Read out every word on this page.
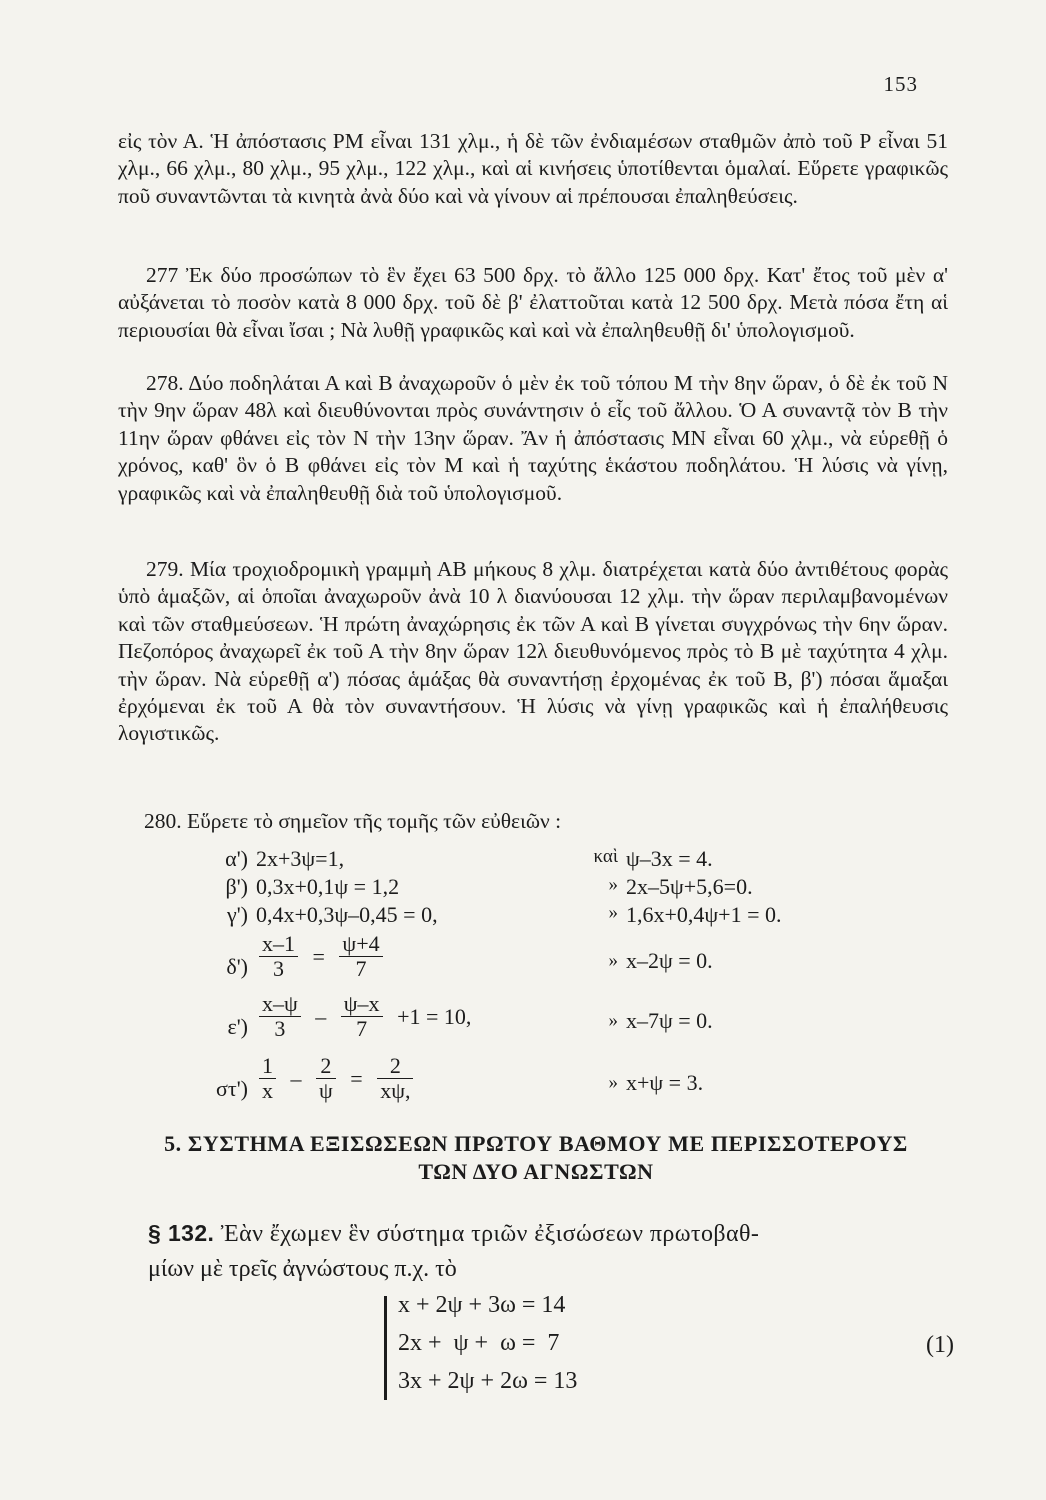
153
εἰς τὸν Α. Ἡ ἀπόστασις ΡΜ εἶναι 131 χλμ., ἡ δὲ τῶν ἐνδιαμέσων σταθμῶν ἀπὸ τοῦ Ρ εἶναι 51 χλμ., 66 χλμ., 80 χλμ., 95 χλμ., 122 χλμ., καὶ αἱ κινήσεις ὑποτίθενται ὁμαλαί. Εὕρετε γραφικῶς ποῦ συναντῶνται τὰ κινητὰ ἀνὰ δύο καὶ νὰ γίνουν αἱ πρέπουσαι ἐπαληθεύσεις.
277 Ἐκ δύο προσώπων τὸ ἓν ἔχει 63 500 δρχ. τὸ ἄλλο 125 000 δρχ. Κατ' ἔτος τοῦ μὲν α' αὐξάνεται τὸ ποσὸν κατὰ 8 000 δρχ. τοῦ δὲ β' ἐλαττοῦται κατὰ 12 500 δρχ. Μετὰ πόσα ἔτη αἱ περιουσίαι θὰ εἶναι ἴσαι ; Νὰ λυθῇ γραφικῶς καὶ καὶ νὰ ἐπαληθευθῇ δι' ὑπολογισμοῦ.
278. Δύο ποδηλάται Α καὶ Β ἀναχωροῦν ὁ μὲν ἐκ τοῦ τόπου Μ τὴν 8ην ὥραν, ὁ δὲ ἐκ τοῦ Ν τὴν 9ην ὥραν 48λ καὶ διευθύνονται πρὸς συνάντησιν ὁ εἷς τοῦ ἄλλου. Ὁ Α συναντᾷ τὸν Β τὴν 11ην ὥραν φθάνει εἰς τὸν Ν τὴν 13ην ὥραν. Ἄν ἡ ἀπόστασις ΜΝ εἶναι 60 χλμ., νὰ εὑρεθῇ ὁ χρόνος, καθ' ὃν ὁ Β φθάνει εἰς τὸν Μ καὶ ἡ ταχύτης ἑκάστου ποδηλάτου. Ἡ λύσις νὰ γίνῃ, γραφικῶς καὶ νὰ ἐπαληθευθῇ διὰ τοῦ ὑπολογισμοῦ.
279. Μία τροχιοδρομικὴ γραμμὴ ΑΒ μήκους 8 χλμ. διατρέχεται κατὰ δύο ἀντιθέτους φορὰς ὑπὸ ἁμαξῶν, αἱ ὁποῖαι ἀναχωροῦν ἀνὰ 10 λ διανύουσαι 12 χλμ. τὴν ὥραν περιλαμβανομένων καὶ τῶν σταθμεύσεων. Ἡ πρώτη ἀναχώρησις ἐκ τῶν Α καὶ Β γίνεται συγχρόνως τὴν 6ην ὥραν. Πεζοπόρος ἀναχωρεῖ ἐκ τοῦ Α τὴν 8ην ὥραν 12λ διευθυνόμενος πρὸς τὸ Β μὲ ταχύτητα 4 χλμ. τὴν ὥραν. Νὰ εὑρεθῇ α') πόσας ἁμάξας θὰ συναντήσῃ ἐρχομένας ἐκ τοῦ Β, β') πόσαι ἅμαξαι ἐρχόμεναι ἐκ τοῦ Α θὰ τὸν συναντήσουν. Ἡ λύσις νὰ γίνῃ γραφικῶς καὶ ἡ ἐπαλήθευσις λογιστικῶς.
280. Εὕρετε τὸ σημεῖον τῆς τομῆς τῶν εὐθειῶν :
α') 2x+3ψ=1,	καὶ ψ–3x = 4.
β') 0,3x+0,1ψ = 1,2	» 2x–5ψ+5,6=0.
γ') 0,4x+0,3ψ–0,45 = 0,	» 1,6x+0,4ψ+1 = 0.
$\delta') \frac{x-1}{3} = \frac{\psi+4}{7}$	» x–2ψ = 0.
$\varepsilon') \frac{x-\psi}{3} - \frac{\psi-x}{7} +1 = 10$,	» x–7ψ = 0.
$\sigma\tau') \frac{1}{x} - \frac{2}{\psi} = \frac{2}{x\psi,}$	» x+ψ = 3.
5. ΣΥΣΤΗΜΑ ΕΞΙΣΩΣΕΩΝ ΠΡΩΤΟΥ ΒΑΘΜΟΥ ΜΕ ΠΕΡΙΣΣΟΤΕΡΟΥΣ
ΤΩΝ ΔΥΟ ΑΓΝΩΣΤΩΝ
§ 132. Ἐὰν ἔχωμεν ἓν σύστημα τριῶν ἐξισώσεων πρωτοβαθ-
μίων μὲ τρεῖς ἀγνώστους π.χ. τὸ
x + 2ψ + 3ω = 14
2x +  ψ +  ω =  7
3x + 2ψ + 2ω = 13
(1)
